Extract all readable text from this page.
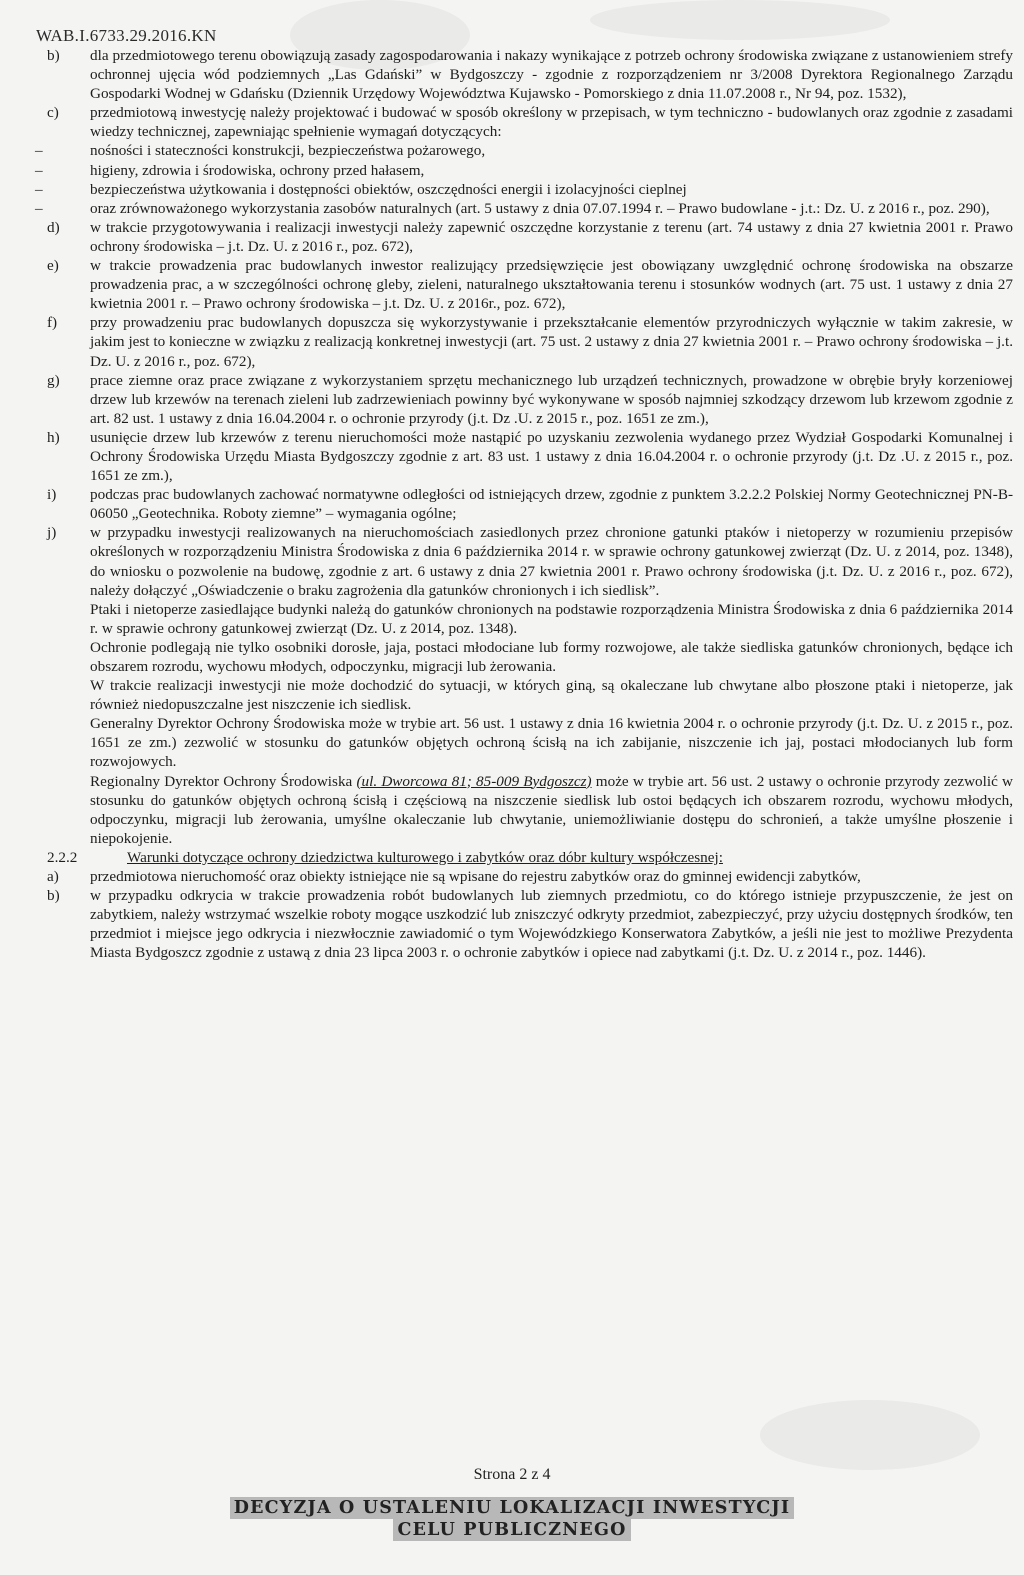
WAB.I.6733.29.2016.KN
b)	dla przedmiotowego terenu obowiązują zasady zagospodarowania i nakazy wynikające z potrzeb ochrony środowiska związane z ustanowieniem strefy ochronnej ujęcia wód podziemnych „Las Gdański” w Bydgoszczy - zgodnie z rozporządzeniem nr 3/2008 Dyrektora Regionalnego Zarządu Gospodarki Wodnej w Gdańsku (Dziennik Urzędowy Województwa Kujawsko - Pomorskiego z dnia 11.07.2008 r., Nr 94, poz. 1532),
c)	przedmiotową inwestycję należy projektować i budować w sposób określony w przepisach, w tym techniczno - budowlanych oraz zgodnie z zasadami wiedzy technicznej, zapewniając spełnienie wymagań dotyczących:
–	nośności i stateczności konstrukcji, bezpieczeństwa pożarowego,
–	higieny, zdrowia i środowiska, ochrony przed hałasem,
–	bezpieczeństwa użytkowania i dostępności obiektów, oszczędności energii i izolacyjności cieplnej
–	oraz zrównoważonego wykorzystania zasobów naturalnych (art. 5 ustawy z dnia 07.07.1994 r. – Prawo budowlane - j.t.: Dz. U. z 2016 r., poz. 290),
d)	w trakcie przygotowywania i realizacji inwestycji należy zapewnić oszczędne korzystanie z terenu (art. 74 ustawy z dnia 27 kwietnia 2001 r. Prawo ochrony środowiska – j.t. Dz. U. z 2016 r., poz. 672),
e)	w trakcie prowadzenia prac budowlanych inwestor realizujący przedsięwzięcie jest obowiązany uwzględnić ochronę środowiska na obszarze prowadzenia prac, a w szczególności ochronę gleby, zieleni, naturalnego ukształtowania terenu i stosunków wodnych (art. 75 ust. 1 ustawy z dnia 27 kwietnia 2001 r. – Prawo ochrony środowiska – j.t. Dz. U. z 2016r., poz. 672),
f)	przy prowadzeniu prac budowlanych dopuszcza się wykorzystywanie i przekształcanie elementów przyrodniczych wyłącznie w takim zakresie, w jakim jest to konieczne w związku z realizacją konkretnej inwestycji (art. 75 ust. 2 ustawy z dnia 27 kwietnia 2001 r. – Prawo ochrony środowiska – j.t. Dz. U. z 2016 r., poz. 672),
g)	prace ziemne oraz prace związane z wykorzystaniem sprzętu mechanicznego lub urządzeń technicznych, prowadzone w obrębie bryły korzeniowej drzew lub krzewów na terenach zieleni lub zadrzewieniach powinny być wykonywane w sposób najmniej szkodzący drzewom lub krzewom zgodnie z art. 82 ust. 1 ustawy z dnia 16.04.2004 r. o ochronie przyrody (j.t. Dz .U. z 2015 r., poz. 1651 ze zm.),
h)	usunięcie drzew lub krzewów z terenu nieruchomości może nastąpić po uzyskaniu zezwolenia wydanego przez Wydział Gospodarki Komunalnej i Ochrony Środowiska Urzędu Miasta Bydgoszczy zgodnie z art. 83 ust. 1 ustawy z dnia 16.04.2004 r. o ochronie przyrody (j.t. Dz .U. z 2015 r., poz. 1651 ze zm.),
i)	podczas prac budowlanych zachować normatywne odległości od istniejących drzew, zgodnie z punktem 3.2.2.2 Polskiej Normy Geotechnicznej PN-B-06050 „Geotechnika. Roboty ziemne” – wymagania ogólne;
j)	w przypadku inwestycji realizowanych na nieruchomościach zasiedlonych przez chronione gatunki ptaków i nietoperzy w rozumieniu przepisów określonych w rozporządzeniu Ministra Środowiska z dnia 6 października 2014 r. w sprawie ochrony gatunkowej zwierząt (Dz. U. z 2014, poz. 1348), do wniosku o pozwolenie na budowę, zgodnie z art. 6 ustawy z dnia 27 kwietnia 2001 r. Prawo ochrony środowiska (j.t. Dz. U. z 2016 r., poz. 672), należy dołączyć „Oświadczenie o braku zagrożenia dla gatunków chronionych i ich siedlisk”.
Ptaki i nietoperze zasiedlające budynki należą do gatunków chronionych na podstawie rozporządzenia Ministra Środowiska z dnia 6 października 2014 r. w sprawie ochrony gatunkowej zwierząt (Dz. U. z 2014, poz. 1348).
Ochronie podlegają nie tylko osobniki dorosłe, jaja, postaci młodociane lub formy rozwojowe, ale także siedliska gatunków chronionych, będące ich obszarem rozrodu, wychowu młodych, odpoczynku, migracji lub żerowania.
W trakcie realizacji inwestycji nie może dochodzić do sytuacji, w których giną, są okaleczane lub chwytane albo płoszone ptaki i nietoperze, jak również niedopuszczalne jest niszczenie ich siedlisk.
Generalny Dyrektor Ochrony Środowiska może w trybie art. 56 ust. 1 ustawy z dnia 16 kwietnia 2004 r. o ochronie przyrody (j.t. Dz. U. z 2015 r., poz. 1651 ze zm.) zezwolić w stosunku do gatunków objętych ochroną ścisłą na ich zabijanie, niszczenie ich jaj, postaci młodocianych lub form rozwojowych.
Regionalny Dyrektor Ochrony Środowiska (ul. Dworcowa 81; 85-009 Bydgoszcz) może w trybie art. 56 ust. 2 ustawy o ochronie przyrody zezwolić w stosunku do gatunków objętych ochroną ścisłą i częściową na niszczenie siedlisk lub ostoi będących ich obszarem rozrodu, wychowu młodych, odpoczynku, migracji lub żerowania, umyślne okaleczanie lub chwytanie, uniemożliwianie dostępu do schronień, a także umyślne płoszenie i niepokojenie.
2.2.2	Warunki dotyczące ochrony dziedzictwa kulturowego i zabytków oraz dóbr kultury współczesnej:
a)	przedmiotowa nieruchomość oraz obiekty istniejące nie są wpisane do rejestru zabytków oraz do gminnej ewidencji zabytków,
b)	w przypadku odkrycia w trakcie prowadzenia robót budowlanych lub ziemnych przedmiotu, co do którego istnieje przypuszczenie, że jest on zabytkiem, należy wstrzymać wszelkie roboty mogące uszkodzić lub zniszczyć odkryty przedmiot, zabezpieczyć, przy użyciu dostępnych środków, ten przedmiot i miejsce jego odkrycia i niezwłocznie zawiadomić o tym Wojewódzkiego Konserwatora Zabytków, a jeśli nie jest to możliwe Prezydenta Miasta Bydgoszcz zgodnie z ustawą z dnia 23 lipca 2003 r. o ochronie zabytków i opiece nad zabytkami (j.t. Dz. U. z 2014 r., poz. 1446).
Strona 2 z 4
DECYZJA O USTALENIU LOKALIZACJI INWESTYCJI
CELU PUBLICZNEGO
